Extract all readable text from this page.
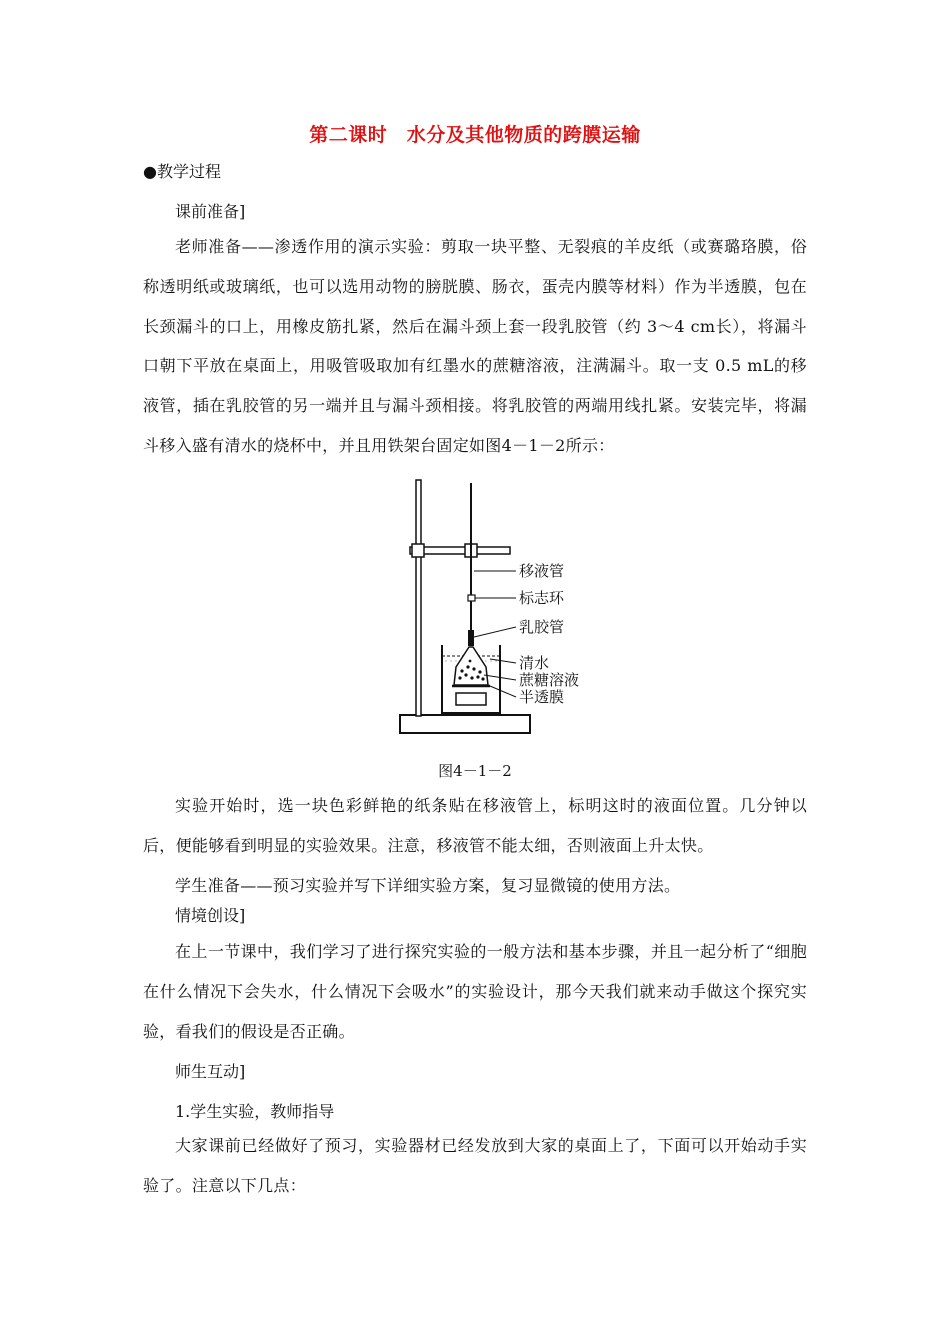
第二课时　水分及其他物质的跨膜运输
●教学过程
课前准备]
老师准备——渗透作用的演示实验：剪取一块平整、无裂痕的羊皮纸（或赛璐珞膜，俗称透明纸或玻璃纸，也可以选用动物的膀胱膜、肠衣，蛋壳内膜等材料）作为半透膜，包在长颈漏斗的口上，用橡皮筋扎紧，然后在漏斗颈上套一段乳胶管（约 3～4 cm长），将漏斗口朝下平放在桌面上，用吸管吸取加有红墨水的蔗糖溶液，注满漏斗。取一支 0.5 mL的移液管，插在乳胶管的另一端并且与漏斗颈相接。将乳胶管的两端用线扎紧。安装完毕，将漏斗移入盛有清水的烧杯中，并且用铁架台固定如图4－1－2所示：
移液管
标志环
乳胶管
清水
蔗糖溶液
半透膜
图4－1－2
实验开始时，选一块色彩鲜艳的纸条贴在移液管上，标明这时的液面位置。几分钟以后，便能够看到明显的实验效果。注意，移液管不能太细，否则液面上升太快。
学生准备——预习实验并写下详细实验方案，复习显微镜的使用方法。
情境创设]
在上一节课中，我们学习了进行探究实验的一般方法和基本步骤，并且一起分析了“细胞在什么情况下会失水，什么情况下会吸水”的实验设计，那今天我们就来动手做这个探究实验，看我们的假设是否正确。
师生互动]
1.学生实验，教师指导
大家课前已经做好了预习，实验器材已经发放到大家的桌面上了，下面可以开始动手实验了。注意以下几点：
